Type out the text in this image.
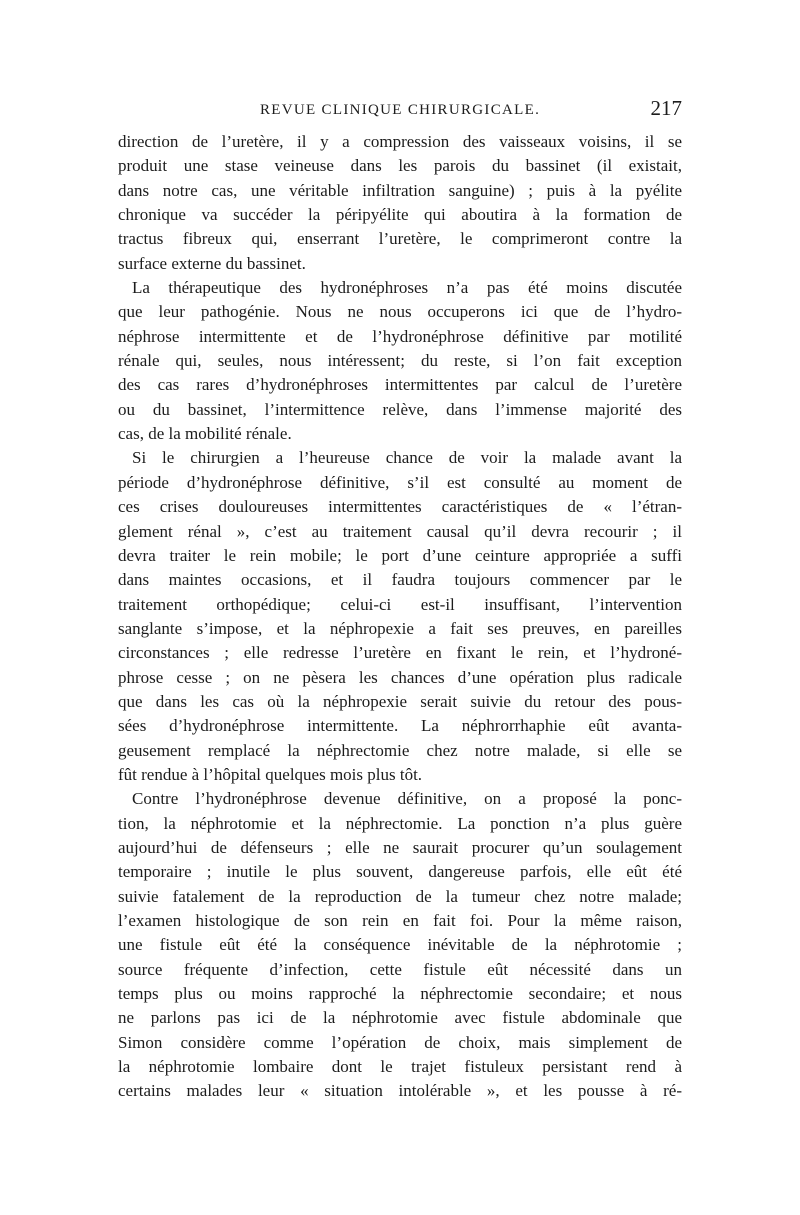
REVUE CLINIQUE CHIRURGICALE.	217
direction de l’uretère, il y a compression des vaisseaux voisins, il se
produit une stase veineuse dans les parois du bassinet (il existait,
dans notre cas, une véritable infiltration sanguine) ; puis à la pyélite
chronique va succéder la péripyélite qui aboutira à la formation de
tractus fibreux qui, enserrant l’uretère, le comprimeront contre la
surface externe du bassinet.
La thérapeutique des hydronéphroses n’a pas été moins discutée
que leur pathogénie. Nous ne nous occuperons ici que de l’hydro-
néphrose intermittente et de l’hydronéphrose définitive par motilité
rénale qui, seules, nous intéressent; du reste, si l’on fait exception
des cas rares d’hydronéphroses intermittentes par calcul de l’uretère
ou du bassinet, l’intermittence relève, dans l’immense majorité des
cas, de la mobilité rénale.
Si le chirurgien a l’heureuse chance de voir la malade avant la
période d’hydronéphrose définitive, s’il est consulté au moment de
ces crises douloureuses intermittentes caractéristiques de « l’étran-
glement rénal », c’est au traitement causal qu’il devra recourir ; il
devra traiter le rein mobile; le port d’une ceinture appropriée a suffi
dans maintes occasions, et il faudra toujours commencer par le
traitement orthopédique; celui-ci est-il insuffisant, l’intervention
sanglante s’impose, et la néphropexie a fait ses preuves, en pareilles
circonstances ; elle redresse l’uretère en fixant le rein, et l’hydroné-
phrose cesse ; on ne pèsera les chances d’une opération plus radicale
que dans les cas où la néphropexie serait suivie du retour des pous-
sées d’hydronéphrose intermittente. La néphrorrhaphie eût avanta-
geusement remplacé la néphrectomie chez notre malade, si elle se
fût rendue à l’hôpital quelques mois plus tôt.
Contre l’hydronéphrose devenue définitive, on a proposé la ponc-
tion, la néphrotomie et la néphrectomie. La ponction n’a plus guère
aujourd’hui de défenseurs ; elle ne saurait procurer qu’un soulagement
temporaire ; inutile le plus souvent, dangereuse parfois, elle eût été
suivie fatalement de la reproduction de la tumeur chez notre malade;
l’examen histologique de son rein en fait foi. Pour la même raison,
une fistule eût été la conséquence inévitable de la néphrotomie ;
source fréquente d’infection, cette fistule eût nécessité dans un
temps plus ou moins rapproché la néphrectomie secondaire; et nous
ne parlons pas ici de la néphrotomie avec fistule abdominale que
Simon considère comme l’opération de choix, mais simplement de
la néphrotomie lombaire dont le trajet fistuleux persistant rend à
certains malades leur « situation intolérable », et les pousse à ré-
